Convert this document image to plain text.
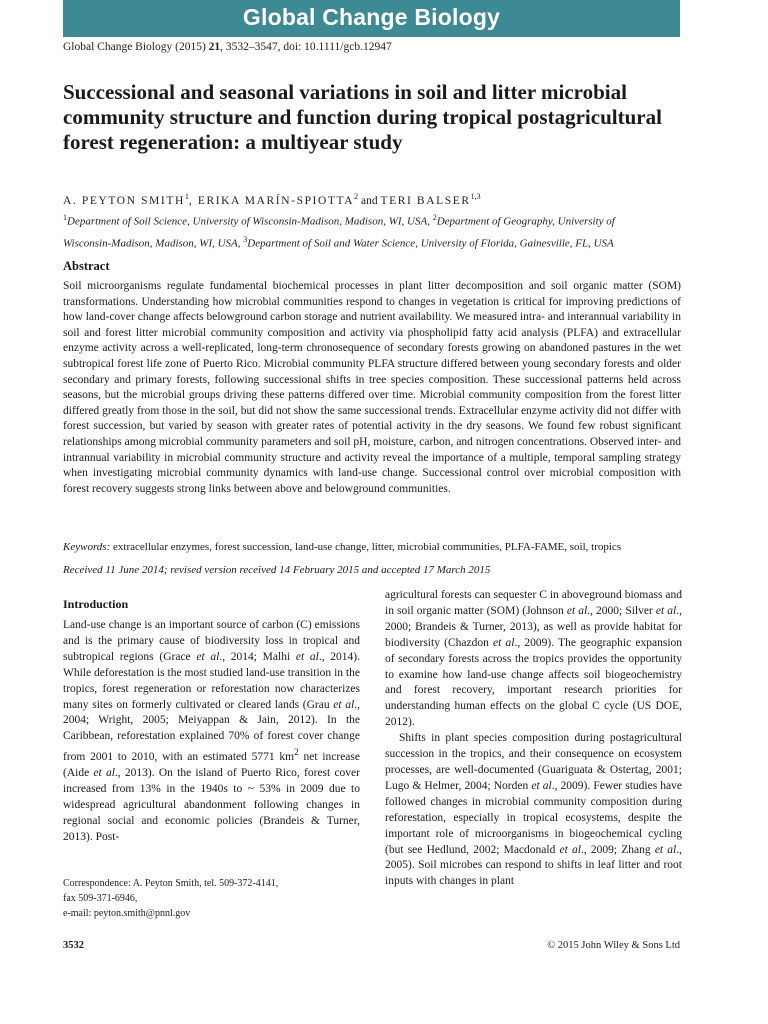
Global Change Biology
Global Change Biology (2015) 21, 3532–3547, doi: 10.1111/gcb.12947
Successional and seasonal variations in soil and litter microbial community structure and function during tropical postagricultural forest regeneration: a multiyear study
A. PEYTON SMITH$^1$, ERIKA MARÍN-SPIOTTA$^2$ and TERI BALSER$^{1,3}$
$^1$Department of Soil Science, University of Wisconsin-Madison, Madison, WI, USA, $^2$Department of Geography, University of Wisconsin-Madison, Madison, WI, USA, $^3$Department of Soil and Water Science, University of Florida, Gainesville, FL, USA
Abstract
Soil microorganisms regulate fundamental biochemical processes in plant litter decomposition and soil organic matter (SOM) transformations. Understanding how microbial communities respond to changes in vegetation is critical for improving predictions of how land-cover change affects belowground carbon storage and nutrient availability. We measured intra- and interannual variability in soil and forest litter microbial community composition and activity via phospholipid fatty acid analysis (PLFA) and extracellular enzyme activity across a well-replicated, long-term chronosequence of secondary forests growing on abandoned pastures in the wet subtropical forest life zone of Puerto Rico. Microbial community PLFA structure differed between young secondary forests and older secondary and primary forests, following successional shifts in tree species composition. These successional patterns held across seasons, but the microbial groups driving these patterns differed over time. Microbial community composition from the forest litter differed greatly from those in the soil, but did not show the same successional trends. Extracellular enzyme activity did not differ with forest succession, but varied by season with greater rates of potential activity in the dry seasons. We found few robust significant relationships among microbial community parameters and soil pH, moisture, carbon, and nitrogen concentrations. Observed inter- and intrannual variability in microbial community structure and activity reveal the importance of a multiple, temporal sampling strategy when investigating microbial community dynamics with land-use change. Successional control over microbial composition with forest recovery suggests strong links between above and belowground communities.
Keywords: extracellular enzymes, forest succession, land-use change, litter, microbial communities, PLFA-FAME, soil, tropics
Received 11 June 2014; revised version received 14 February 2015 and accepted 17 March 2015
Introduction

Land-use change is an important source of carbon (C) emissions and is the primary cause of biodiversity loss in tropical and subtropical regions (Grace et al., 2014; Malhi et al., 2014). While deforestation is the most studied land-use transition in the tropics, forest regeneration or reforestation now characterizes many sites on formerly cultivated or cleared lands (Grau et al., 2004; Wright, 2005; Meiyappan & Jain, 2012). In the Caribbean, reforestation explained 70% of forest cover change from 2001 to 2010, with an estimated 5771 $km^2$ net increase (Aide et al., 2013). On the island of Puerto Rico, forest cover increased from 13% in the 1940s to ~ 53% in 2009 due to widespread agricultural abandonment following changes in regional social and economic policies (Brandeis & Turner, 2013). Post-

agricultural forests can sequester C in aboveground biomass and in soil organic matter (SOM) (Johnson et al., 2000; Silver et al., 2000; Brandeis & Turner, 2013), as well as provide habitat for biodiversity (Chazdon et al., 2009). The geographic expansion of secondary forests across the tropics provides the opportunity to examine how land-use change affects soil biogeochemistry and forest recovery, important research priorities for understanding human effects on the global C cycle (US DOE, 2012).

Shifts in plant species composition during postagricultural succession in the tropics, and their consequence on ecosystem processes, are well-documented (Guariguata & Ostertag, 2001; Lugo & Helmer, 2004; Norden et al., 2009). Fewer studies have followed changes in microbial community composition during reforestation, especially in tropical ecosystems, despite the important role of microorganisms in biogeochemical cycling (but see Hedlund, 2002; Macdonald et al., 2009; Zhang et al., 2005). Soil microbes can respond to shifts in leaf litter and root inputs with changes in plant

Correspondence: A. Peyton Smith, tel. 509-372-4141,
fax 509-371-6946,
e-mail: peyton.smith@pnnl.gov
3532	© 2015 John Wiley & Sons Ltd
